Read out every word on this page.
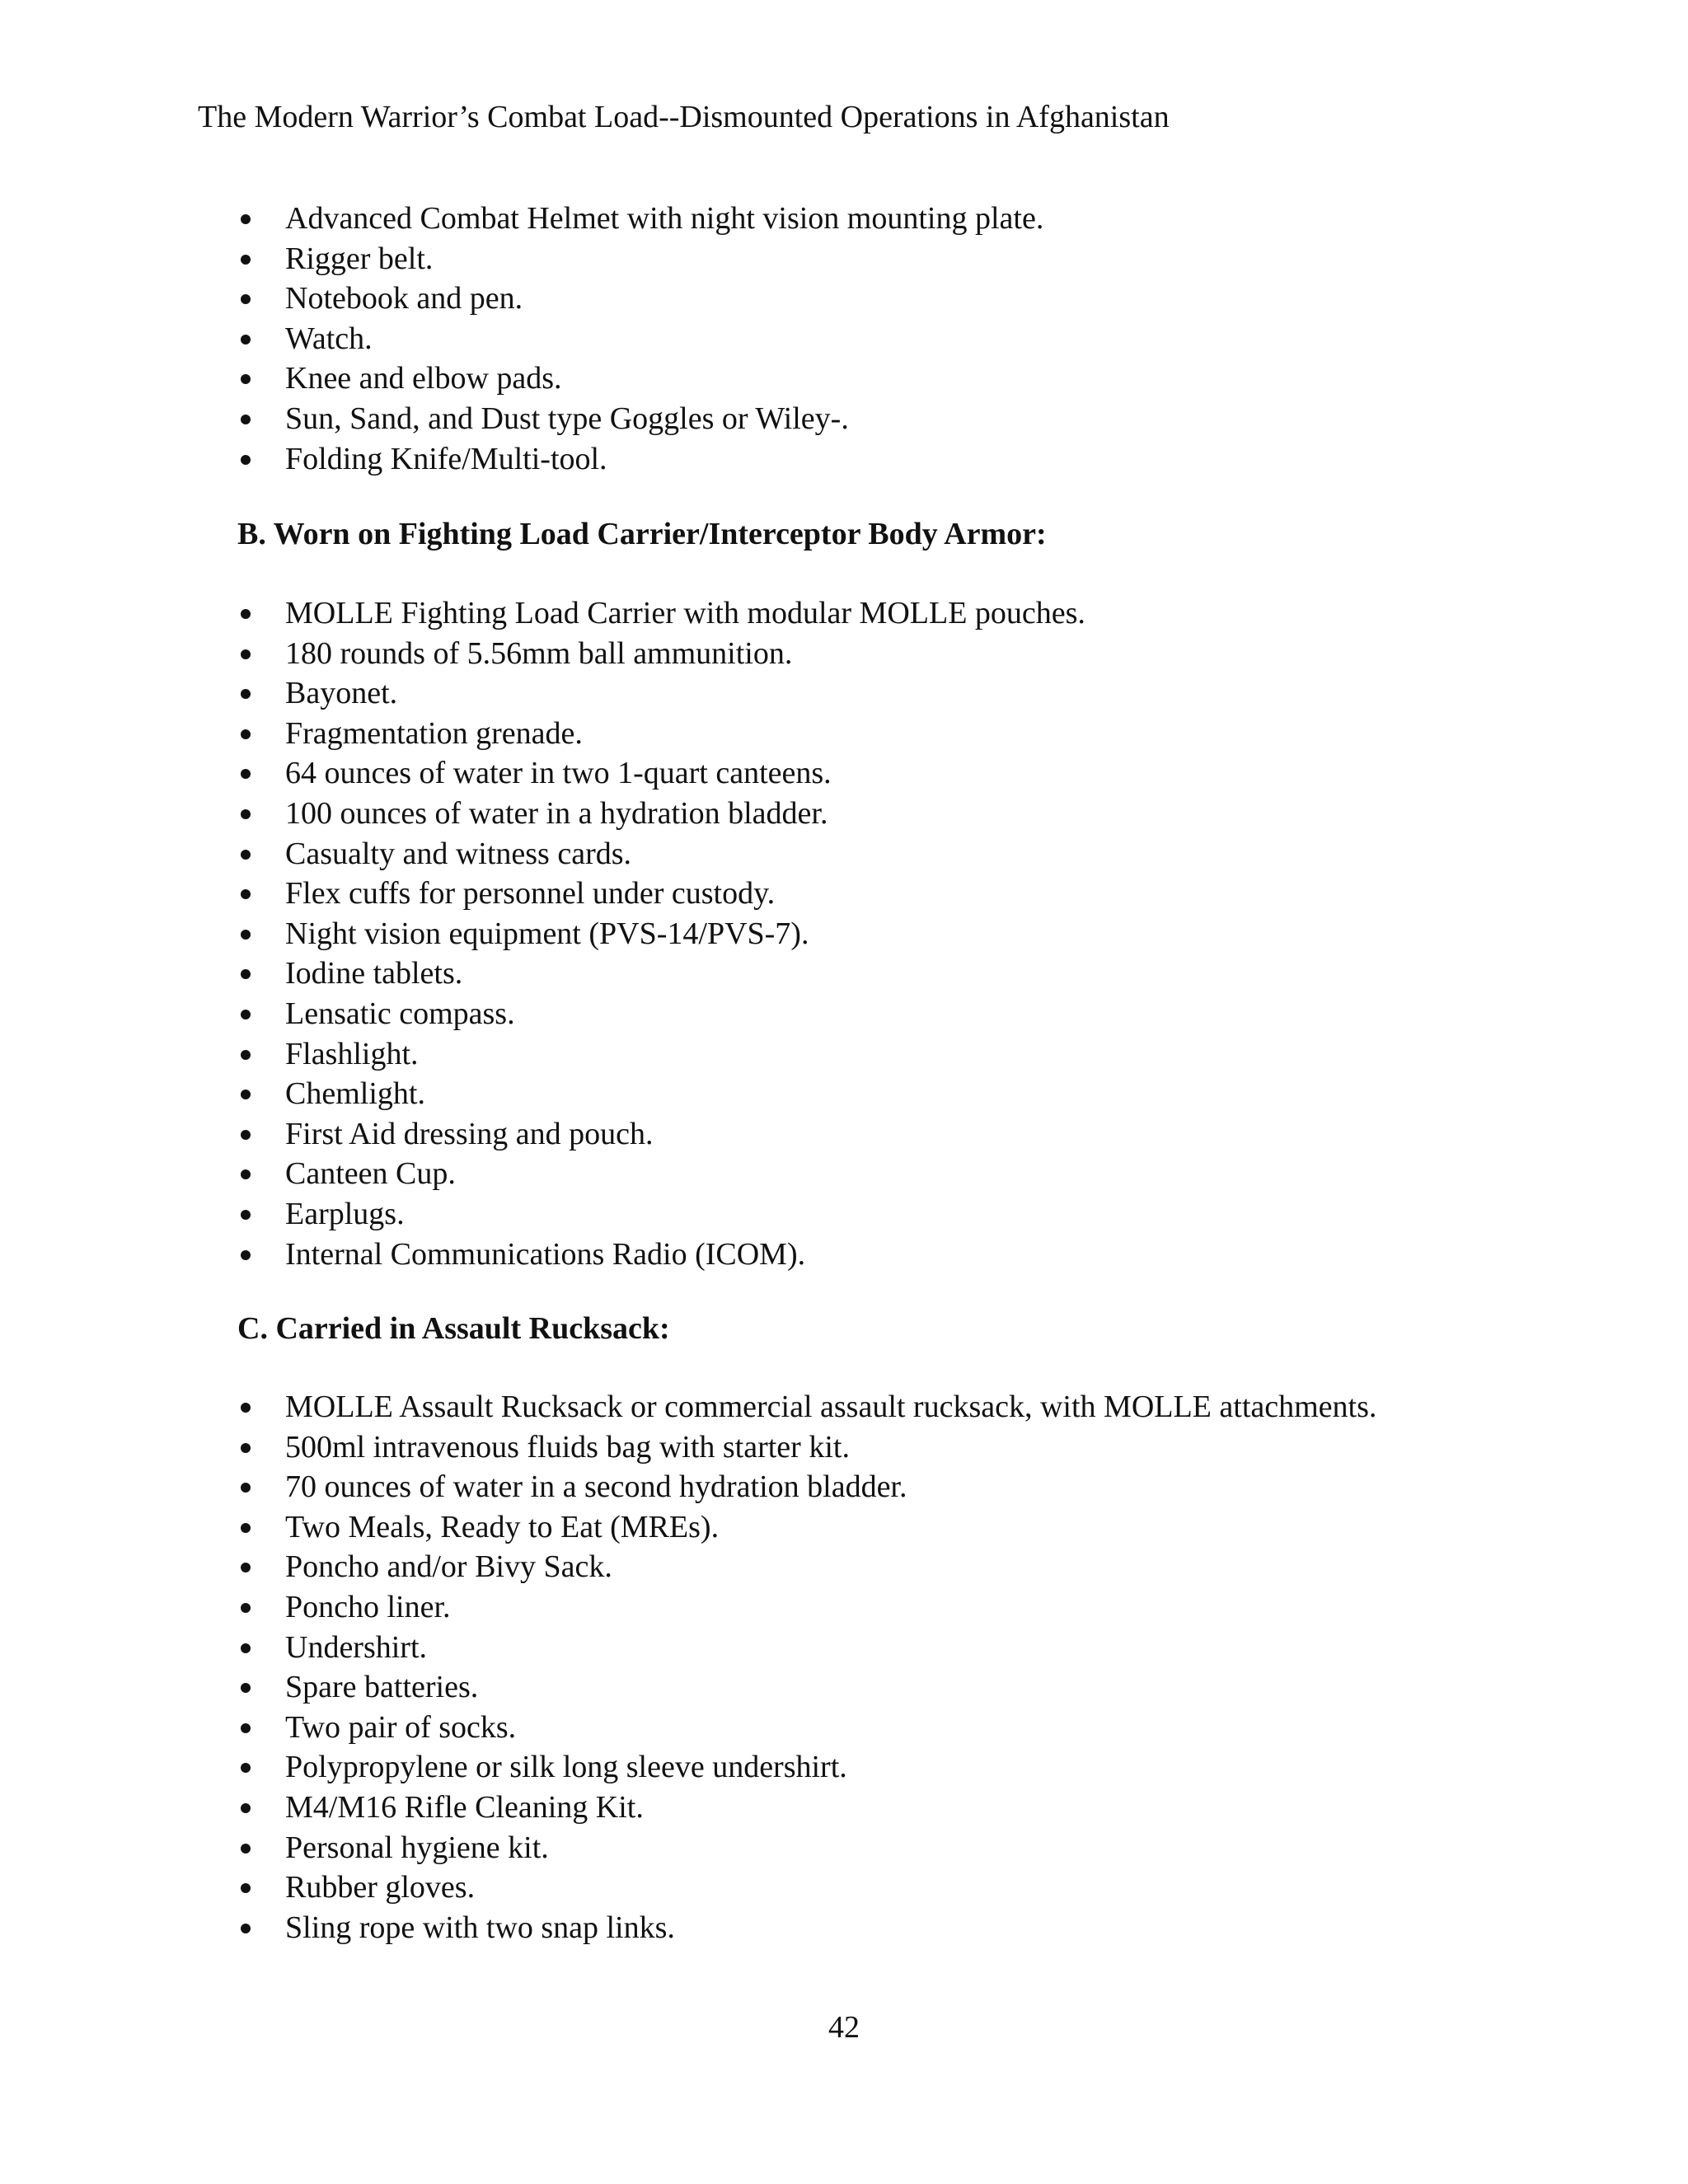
The Modern Warrior’s Combat Load--Dismounted Operations in Afghanistan
Advanced Combat Helmet with night vision mounting plate.
Rigger belt.
Notebook and pen.
Watch.
Knee and elbow pads.
Sun, Sand, and Dust type Goggles or Wiley-.
Folding Knife/Multi-tool.
B. Worn on Fighting Load Carrier/Interceptor Body Armor:
MOLLE Fighting Load Carrier with modular MOLLE pouches.
180 rounds of 5.56mm ball ammunition.
Bayonet.
Fragmentation grenade.
64 ounces of water in two 1-quart canteens.
100 ounces of water in a hydration bladder.
Casualty and witness cards.
Flex cuffs for personnel under custody.
Night vision equipment (PVS-14/PVS-7).
Iodine tablets.
Lensatic compass.
Flashlight.
Chemlight.
First Aid dressing and pouch.
Canteen Cup.
Earplugs.
Internal Communications Radio (ICOM).
C. Carried in Assault Rucksack:
MOLLE Assault Rucksack or commercial assault rucksack, with MOLLE attachments.
500ml intravenous fluids bag with starter kit.
70 ounces of water in a second hydration bladder.
Two Meals, Ready to Eat (MREs).
Poncho and/or Bivy Sack.
Poncho liner.
Undershirt.
Spare batteries.
Two pair of socks.
Polypropylene or silk long sleeve undershirt.
M4/M16 Rifle Cleaning Kit.
Personal hygiene kit.
Rubber gloves.
Sling rope with two snap links.
42
